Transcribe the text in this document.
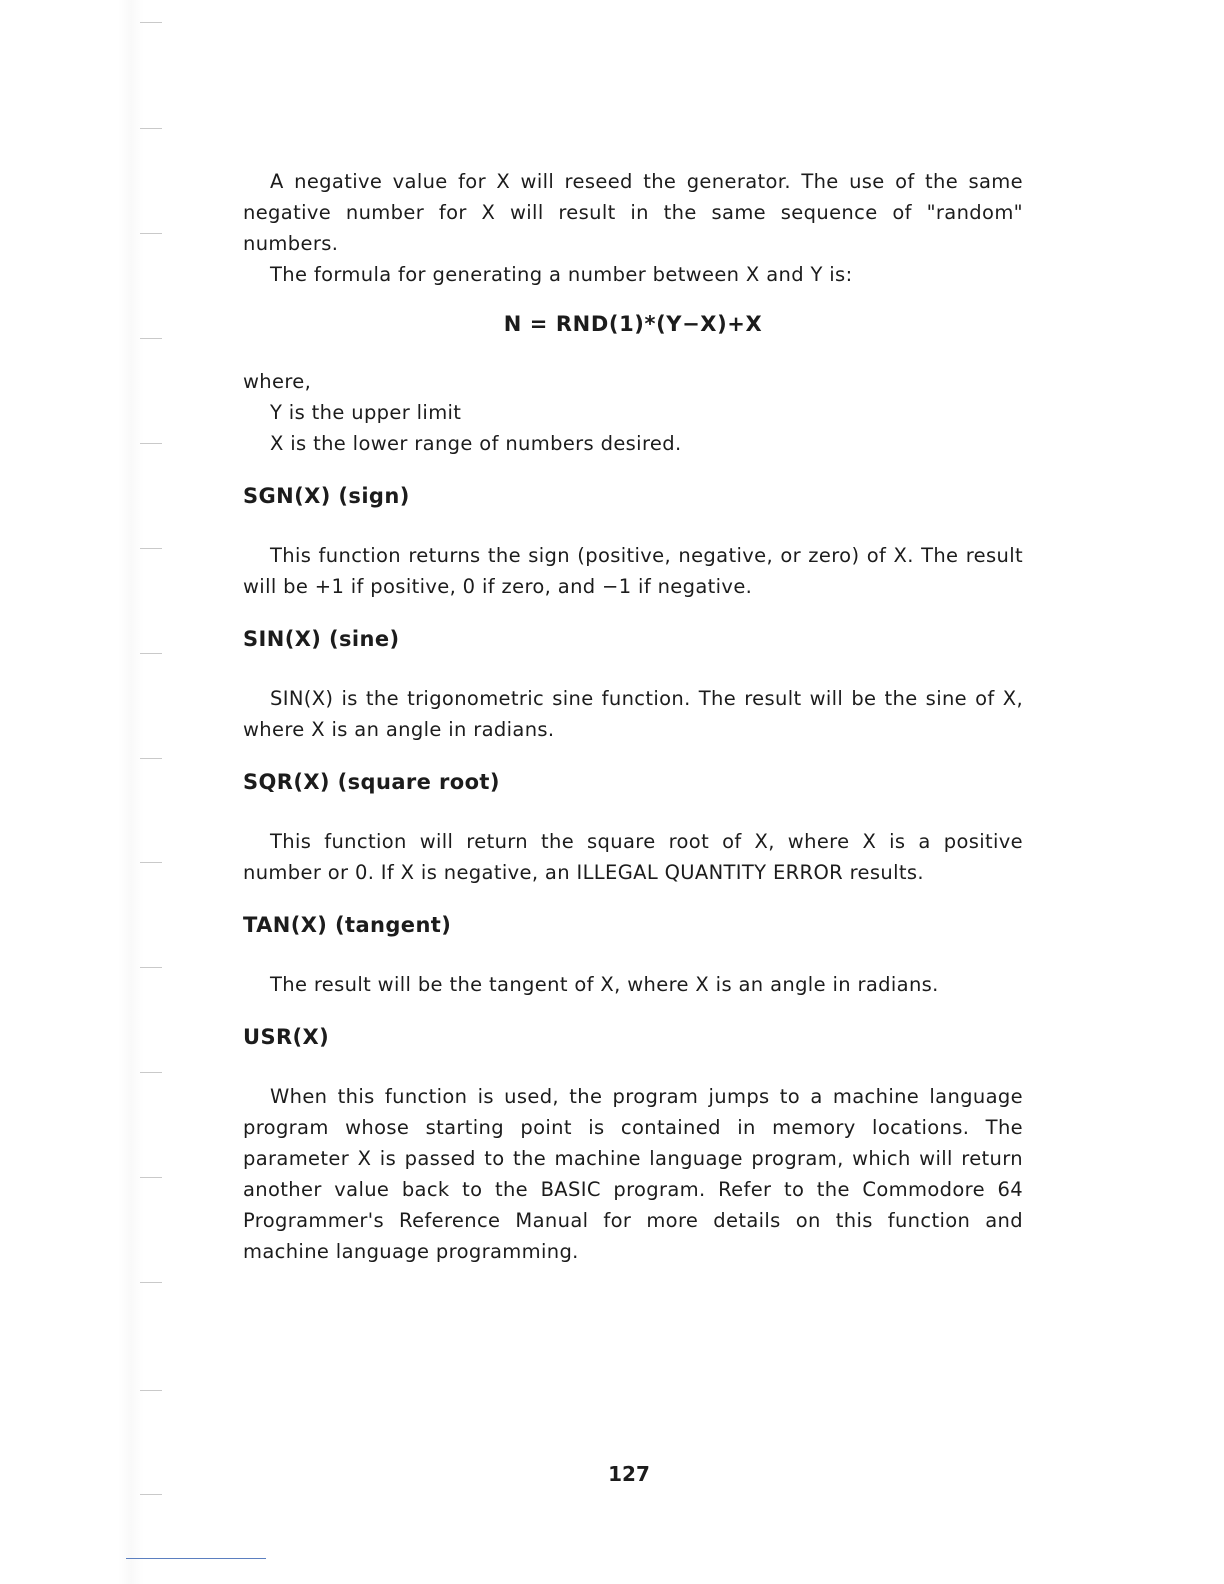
A negative value for X will reseed the generator. The use of the same negative number for X will result in the same sequence of "random" numbers.

The formula for generating a number between X and Y is:

N = RND(1)*(Y−X)+X
where,
Y is the upper limit
X is the lower range of numbers desired.
SGN(X) (sign)

This function returns the sign (positive, negative, or zero) of X. The result will be +1 if positive, 0 if zero, and −1 if negative.

SIN(X) (sine)

SIN(X) is the trigonometric sine function. The result will be the sine of X, where X is an angle in radians.

SQR(X) (square root)

This function will return the square root of X, where X is a positive number or 0. If X is negative, an ILLEGAL QUANTITY ERROR results.

TAN(X) (tangent)

The result will be the tangent of X, where X is an angle in radians.

USR(X)

When this function is used, the program jumps to a machine language program whose starting point is contained in memory locations. The parameter X is passed to the machine language program, which will return another value back to the BASIC program. Refer to the Commodore 64 Programmer's Reference Manual for more details on this function and machine language programming.

127
